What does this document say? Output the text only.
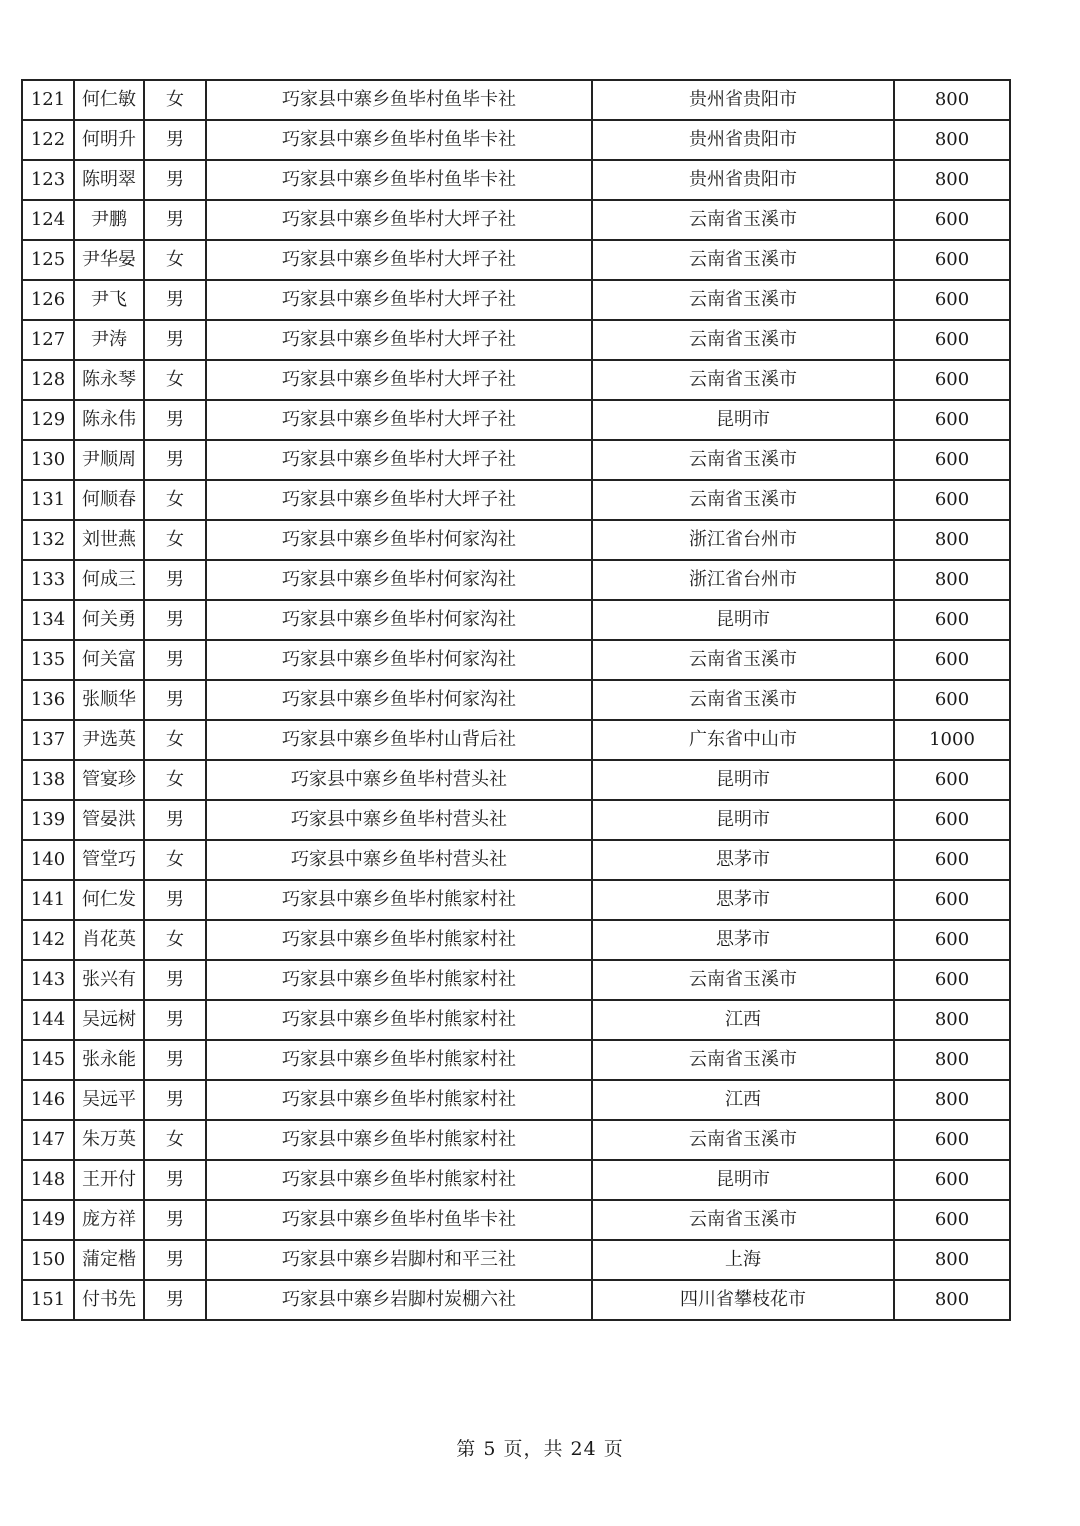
121	何仁敏	女	巧家县中寨乡鱼毕村鱼毕卡社	贵州省贵阳市	800
122	何明升	男	巧家县中寨乡鱼毕村鱼毕卡社	贵州省贵阳市	800
123	陈明翠	男	巧家县中寨乡鱼毕村鱼毕卡社	贵州省贵阳市	800
124	尹鹏	男	巧家县中寨乡鱼毕村大坪子社	云南省玉溪市	600
125	尹华晏	女	巧家县中寨乡鱼毕村大坪子社	云南省玉溪市	600
126	尹飞	男	巧家县中寨乡鱼毕村大坪子社	云南省玉溪市	600
127	尹涛	男	巧家县中寨乡鱼毕村大坪子社	云南省玉溪市	600
128	陈永琴	女	巧家县中寨乡鱼毕村大坪子社	云南省玉溪市	600
129	陈永伟	男	巧家县中寨乡鱼毕村大坪子社	昆明市	600
130	尹顺周	男	巧家县中寨乡鱼毕村大坪子社	云南省玉溪市	600
131	何顺春	女	巧家县中寨乡鱼毕村大坪子社	云南省玉溪市	600
132	刘世燕	女	巧家县中寨乡鱼毕村何家沟社	浙江省台州市	800
133	何成三	男	巧家县中寨乡鱼毕村何家沟社	浙江省台州市	800
134	何关勇	男	巧家县中寨乡鱼毕村何家沟社	昆明市	600
135	何关富	男	巧家县中寨乡鱼毕村何家沟社	云南省玉溪市	600
136	张顺华	男	巧家县中寨乡鱼毕村何家沟社	云南省玉溪市	600
137	尹选英	女	巧家县中寨乡鱼毕村山背后社	广东省中山市	1000
138	管宴珍	女	巧家县中寨乡鱼毕村营头社	昆明市	600
139	管晏洪	男	巧家县中寨乡鱼毕村营头社	昆明市	600
140	管堂巧	女	巧家县中寨乡鱼毕村营头社	思茅市	600
141	何仁发	男	巧家县中寨乡鱼毕村熊家村社	思茅市	600
142	肖花英	女	巧家县中寨乡鱼毕村熊家村社	思茅市	600
143	张兴有	男	巧家县中寨乡鱼毕村熊家村社	云南省玉溪市	600
144	吴远树	男	巧家县中寨乡鱼毕村熊家村社	江西	800
145	张永能	男	巧家县中寨乡鱼毕村熊家村社	云南省玉溪市	800
146	吴远平	男	巧家县中寨乡鱼毕村熊家村社	江西	800
147	朱万英	女	巧家县中寨乡鱼毕村熊家村社	云南省玉溪市	600
148	王开付	男	巧家县中寨乡鱼毕村熊家村社	昆明市	600
149	庞方祥	男	巧家县中寨乡鱼毕村鱼毕卡社	云南省玉溪市	600
150	蒲定楷	男	巧家县中寨乡岩脚村和平三社	上海	800
151	付书先	男	巧家县中寨乡岩脚村炭棚六社	四川省攀枝花市	800
第 5 页，共 24 页
